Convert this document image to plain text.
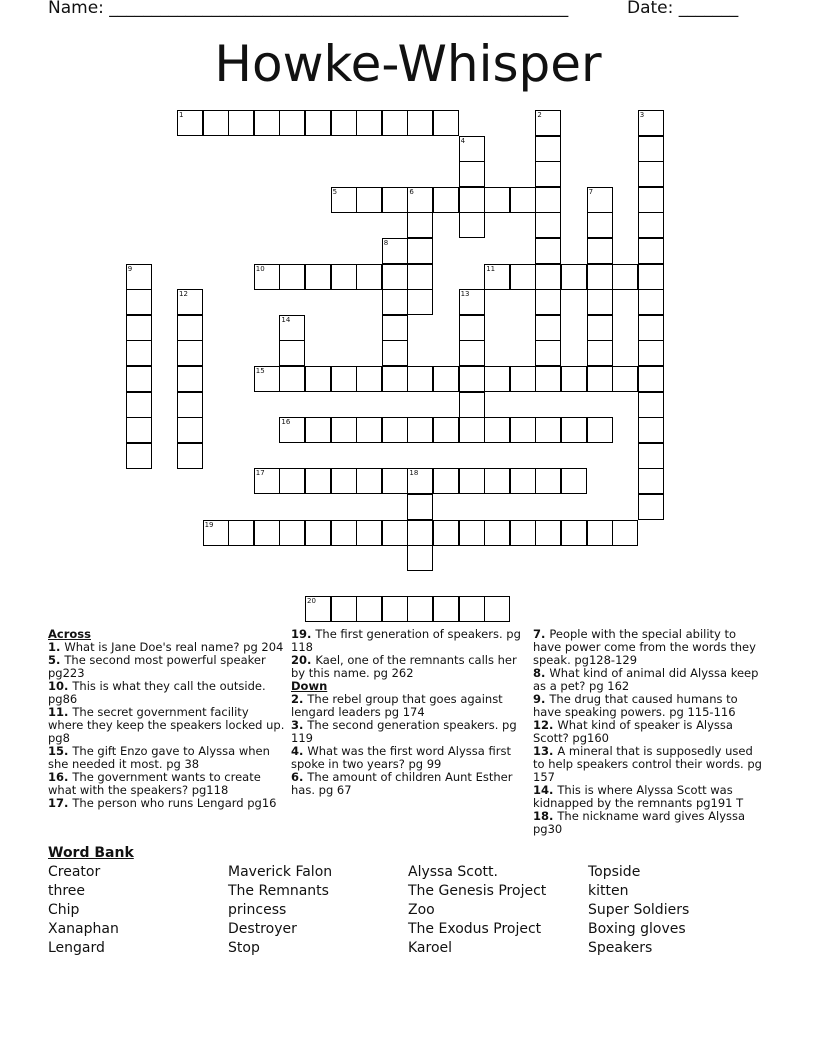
Name: ______________________________________________________	Date: _______
Howke-Whisper
1	2	3
4
5	6	7
8
9	10	11
12	13
14
15
16
17	18
19
20

Across

1. What is Jane Doe's real name? pg 204

5. The second most powerful speaker pg223

10. This is what they call the outside. pg86

11. The secret government facility where they keep the speakers locked up. pg8

15. The gift Enzo gave to Alyssa when she needed it most. pg 38

16. The government wants to create what with the speakers? pg118

17. The person who runs Lengard pg16

19. The first generation of speakers. pg 118

20. Kael, one of the remnants calls her by this name. pg 262

Down

2. The rebel group that goes against lengard leaders pg 174

3. The second generation speakers. pg 119

4. What was the first word Alyssa first spoke in two years? pg 99

6. The amount of children Aunt Esther has. pg 67

7. People with the special ability to have power come from the words they speak. pg128-129

8. What kind of animal did Alyssa keep as a pet? pg 162

9. The drug that caused humans to have speaking powers. pg 115-116

12. What kind of speaker is Alyssa Scott? pg160

13. A mineral that is supposedly used to help speakers control their words. pg 157

14. This is where Alyssa Scott was kidnapped by the remnants pg191 T

18. The nickname ward gives Alyssa pg30

Word Bank
Creator
three
Chip
Xanaphan
Lengard
Maverick Falon
The Remnants
princess
Destroyer
Stop
Alyssa Scott.
The Genesis Project
Zoo
The Exodus Project
Karoel
Topside
kitten
Super Soldiers
Boxing gloves
Speakers
